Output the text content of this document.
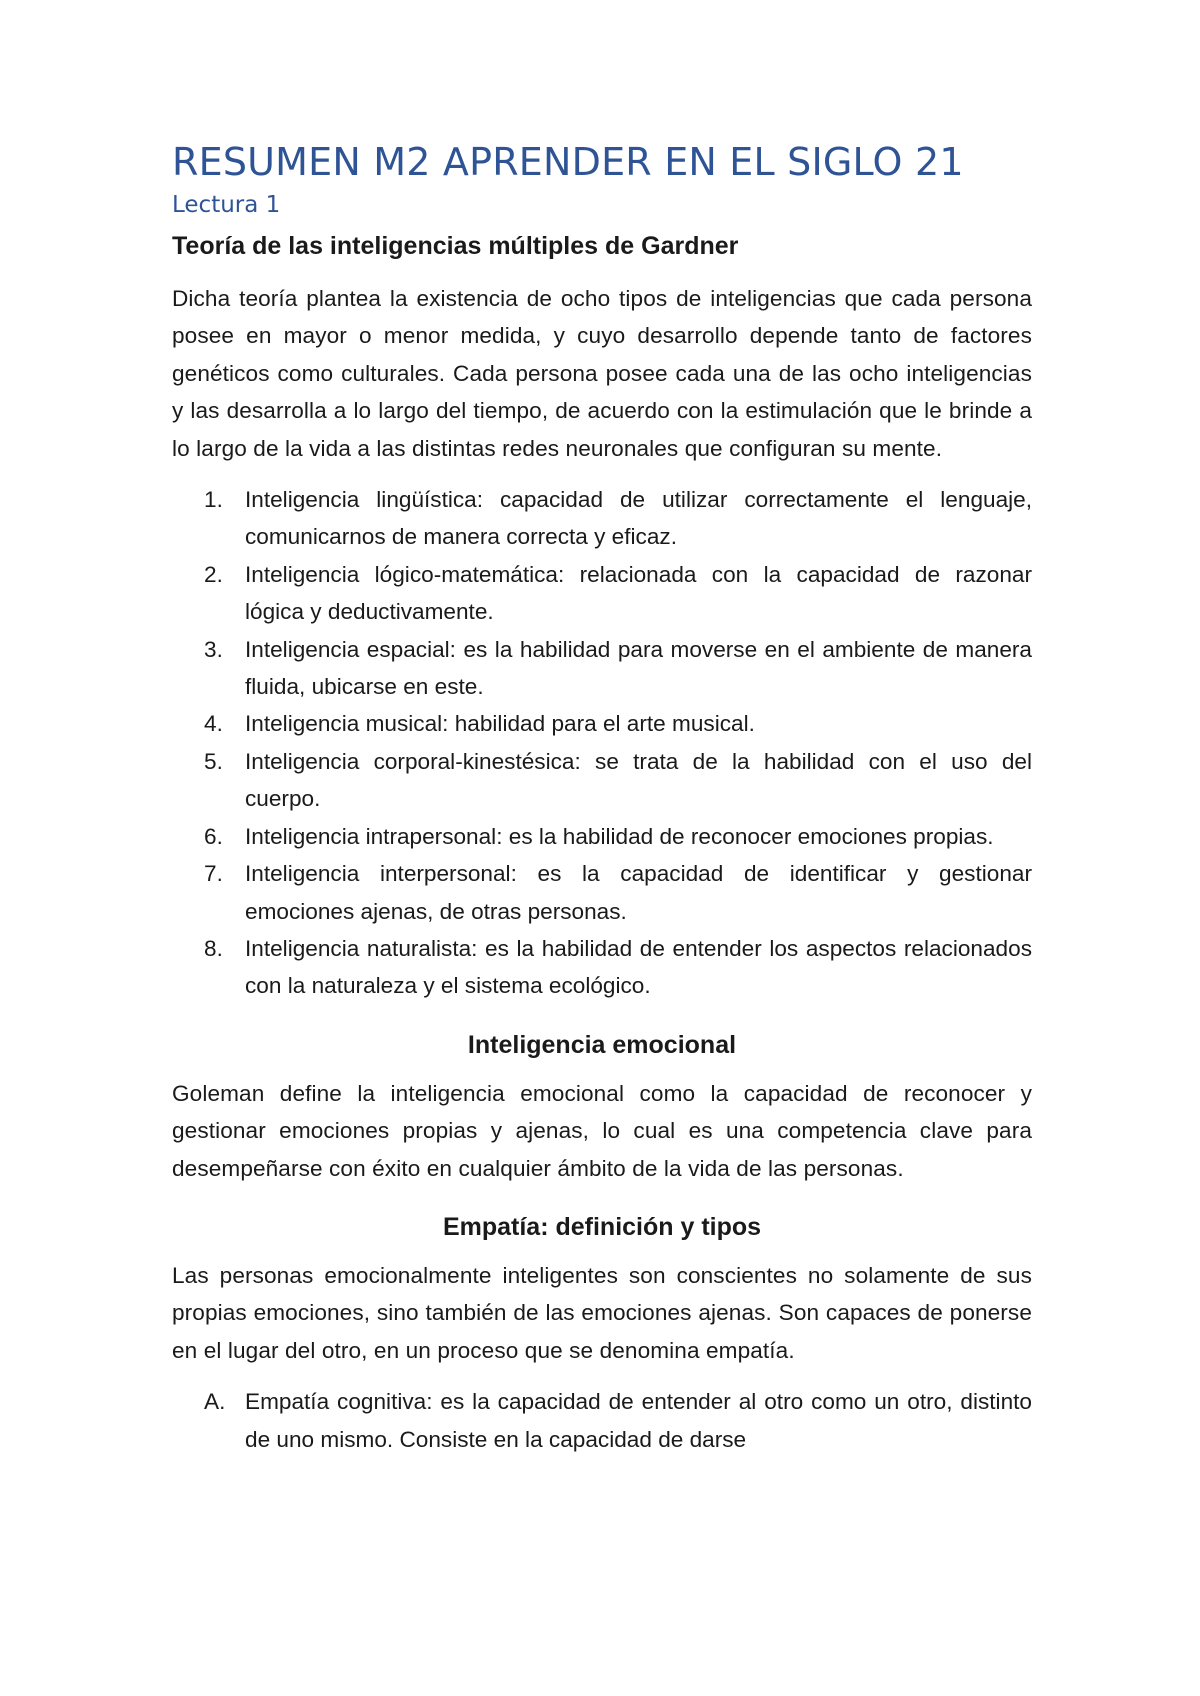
RESUMEN M2 APRENDER EN EL SIGLO 21
Lectura 1
Teoría de las inteligencias múltiples de Gardner

Dicha teoría plantea la existencia de ocho tipos de inteligencias que cada persona posee en mayor o menor medida, y cuyo desarrollo depende tanto de factores genéticos como culturales. Cada persona posee cada una de las ocho inteligencias y las desarrolla a lo largo del tiempo, de acuerdo con la estimulación que le brinde a lo largo de la vida a las distintas redes neuronales que configuran su mente.

1. Inteligencia lingüística: capacidad de utilizar correctamente el lenguaje, comunicarnos de manera correcta y eficaz.
2. Inteligencia lógico-matemática: relacionada con la capacidad de razonar lógica y deductivamente.
3. Inteligencia espacial: es la habilidad para moverse en el ambiente de manera fluida, ubicarse en este.
4. Inteligencia musical: habilidad para el arte musical.
5. Inteligencia corporal-kinestésica: se trata de la habilidad con el uso del cuerpo.
6. Inteligencia intrapersonal: es la habilidad de reconocer emociones propias.
7. Inteligencia interpersonal: es la capacidad de identificar y gestionar emociones ajenas, de otras personas.
8. Inteligencia naturalista: es la habilidad de entender los aspectos relacionados con la naturaleza y el sistema ecológico.
Inteligencia emocional

Goleman define la inteligencia emocional como la capacidad de reconocer y gestionar emociones propias y ajenas, lo cual es una competencia clave para desempeñarse con éxito en cualquier ámbito de la vida de las personas.

Empatía: definición y tipos

Las personas emocionalmente inteligentes son conscientes no solamente de sus propias emociones, sino también de las emociones ajenas. Son capaces de ponerse en el lugar del otro, en un proceso que se denomina empatía.

A. Empatía cognitiva: es la capacidad de entender al otro como un otro, distinto de uno mismo. Consiste en la capacidad de darse
